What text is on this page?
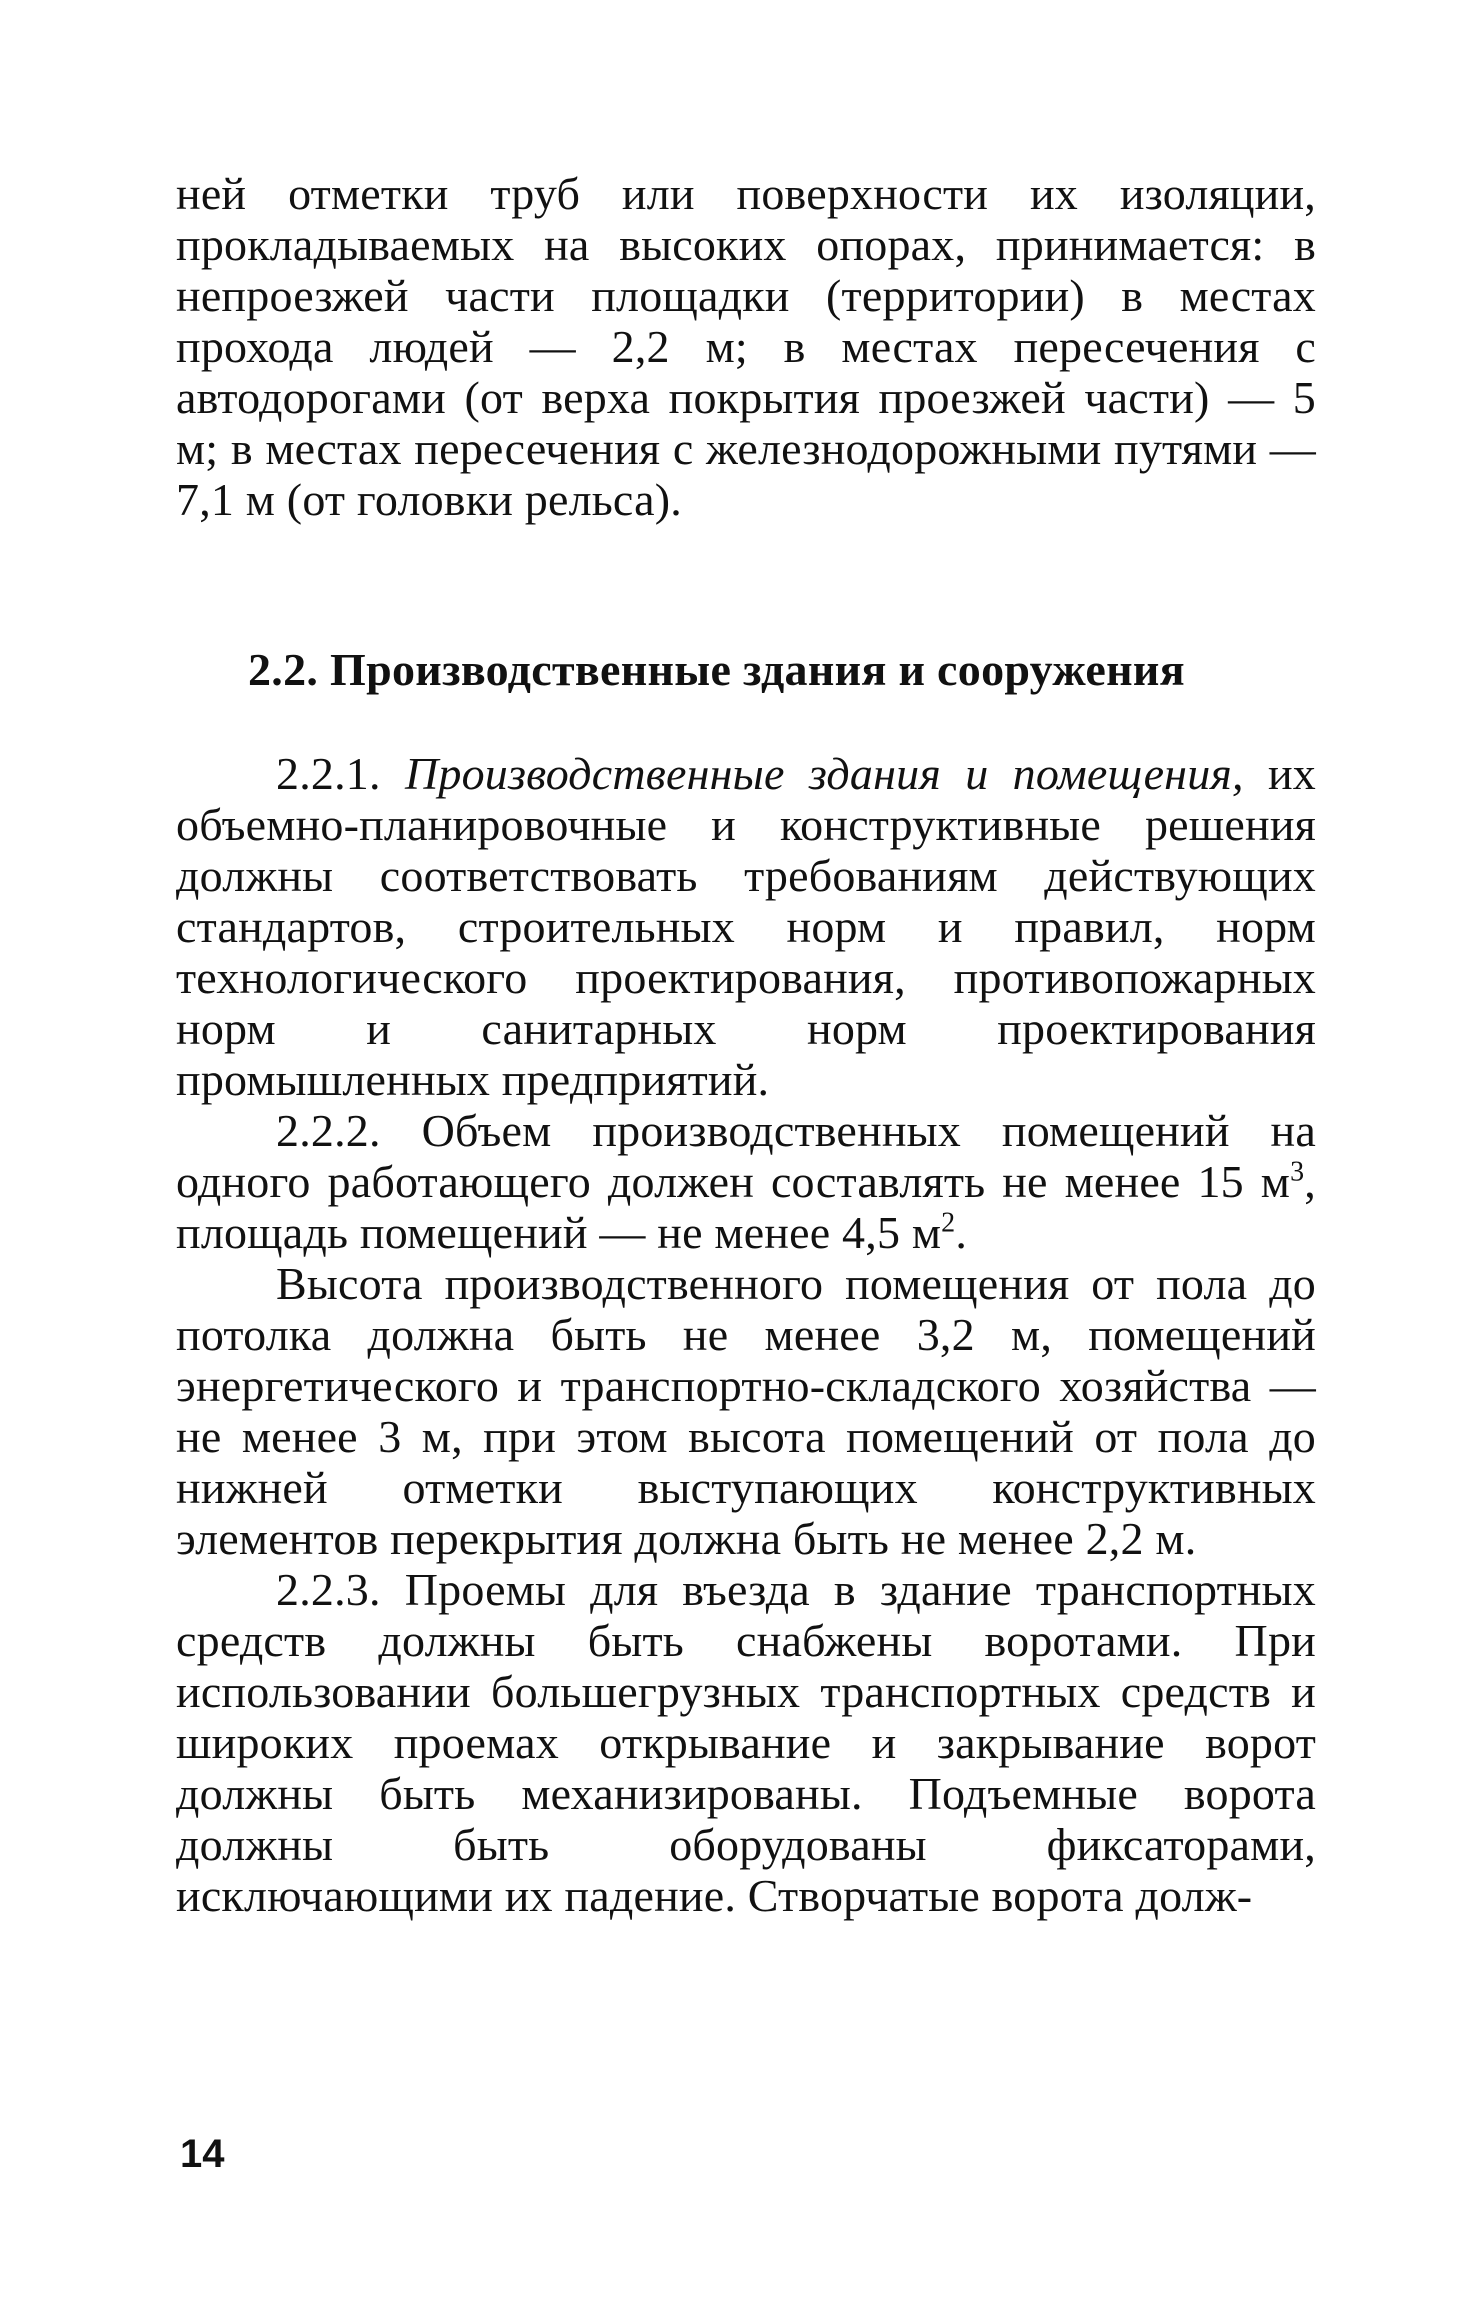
ней отметки труб или поверхности их изоляции, прокладываемых на высоких опорах, принимается: в непроезжей части площадки (территории) в местах прохода людей — 2,2 м; в местах пересечения с автодорогами (от верха покрытия проезжей части) — 5 м; в местах пересечения с железнодорожными путями — 7,1 м (от головки рельса).

2.2. Производственные здания и сооружения

2.2.1. Производственные здания и помещения, их объемно-планировочные и конструктивные решения должны соответствовать требованиям действующих стандартов, строительных норм и правил, норм технологического проектирования, противопожарных норм и санитарных норм проектирования промышленных предприятий.

2.2.2. Объем производственных помещений на одного работающего должен составлять не менее 15 $м^3$, площадь помещений — не менее 4,5 $м^2$.

Высота производственного помещения от пола до потолка должна быть не менее 3,2 м, помещений энергетического и транспортно-складского хозяйства — не менее 3 м, при этом высота помещений от пола до нижней отметки выступающих конструктивных элементов перекрытия должна быть не менее 2,2 м.

2.2.3. Проемы для въезда в здание транспортных средств должны быть снабжены воротами. При использовании большегрузных транспортных средств и широких проемах открывание и закрывание ворот должны быть механизированы. Подъемные ворота должны быть оборудованы фиксаторами, исключающими их падение. Створчатые ворота долж-

14
